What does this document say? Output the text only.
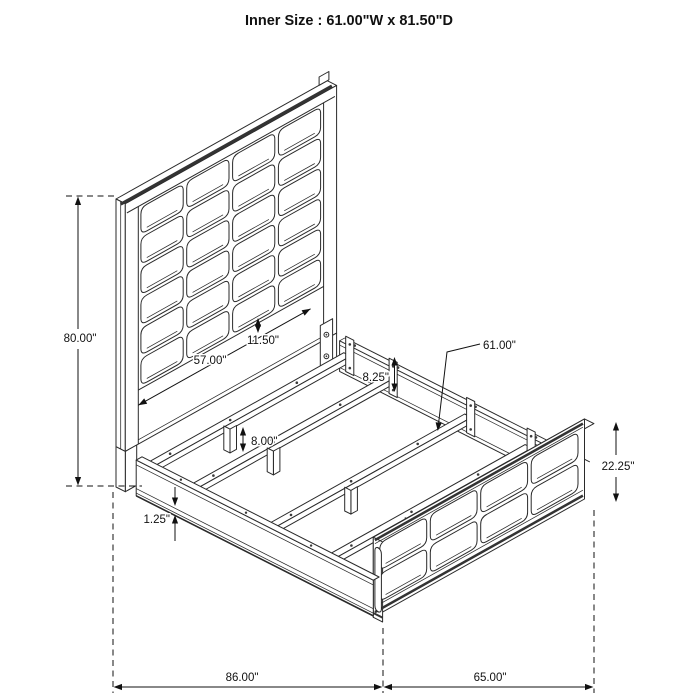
Inner Size : 61.00"W x 81.50"D
80.00"
57.00"
11.50"
8.25"
61.00"
8.00"
1.25"
22.25"
86.00"	65.00"
